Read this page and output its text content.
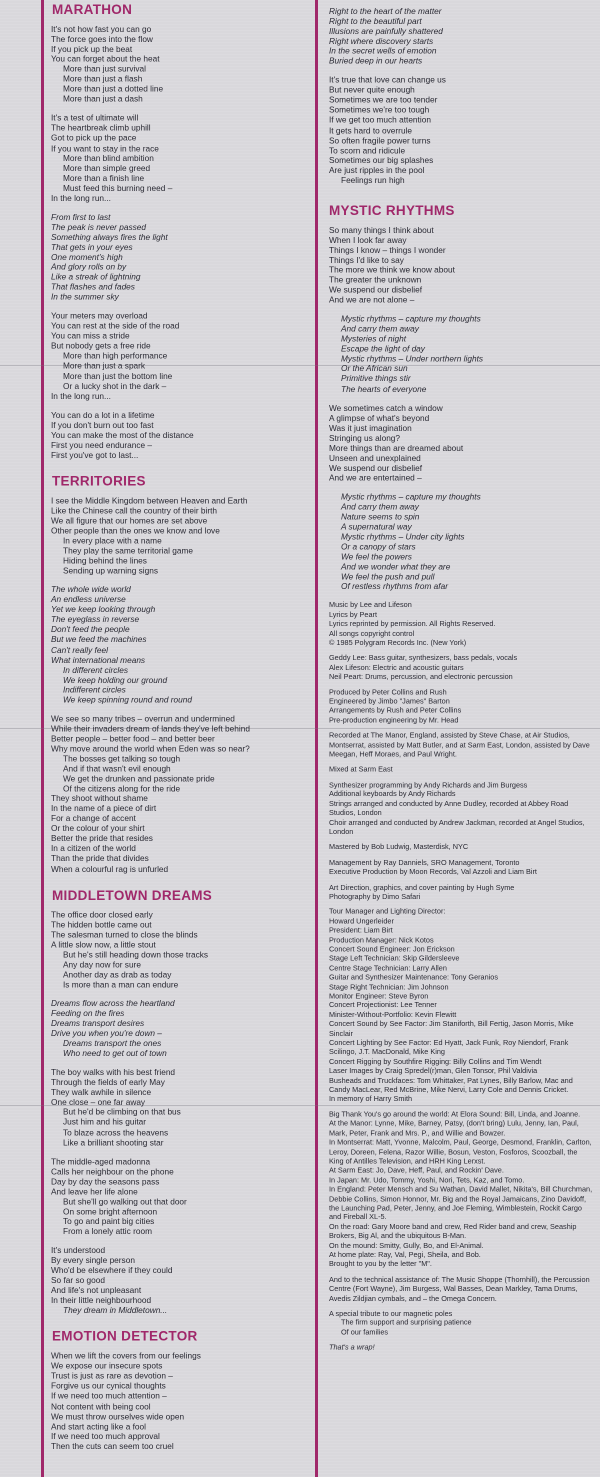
MARATHON
It's not how fast you can go
The force goes into the flow
If you pick up the beat
You can forget about the heat
More than just survival
More than just a flash
More than just a dotted line
More than just a dash
It's a test of ultimate will
The heartbreak climb uphill
Got to pick up the pace
If you want to stay in the race
More than blind ambition
More than simple greed
More than a finish line
Must feed this burning need –
In the long run...
From first to last
The peak is never passed
Something always fires the light
That gets in your eyes
One moment's high
And glory rolls on by
Like a streak of lightning
That flashes and fades
In the summer sky
Your meters may overload
You can rest at the side of the road
You can miss a stride
But nobody gets a free ride
More than high performance
More than just a spark
More than just the bottom line
Or a lucky shot in the dark –
In the long run...
You can do a lot in a lifetime
If you don't burn out too fast
You can make the most of the distance
First you need endurance –
First you've got to last...
TERRITORIES
I see the Middle Kingdom between Heaven and Earth
Like the Chinese call the country of their birth
We all figure that our homes are set above
Other people than the ones we know and love
In every place with a name
They play the same territorial game
Hiding behind the lines
Sending up warning signs
The whole wide world
An endless universe
Yet we keep looking through
The eyeglass in reverse
Don't feed the people
But we feed the machines
Can't really feel
What international means
In different circles
We keep holding our ground
Indifferent circles
We keep spinning round and round
We see so many tribes – overrun and undermined
While their invaders dream of lands they've left behind
Better people – better food – and better beer
Why move around the world when Eden was so near?
The bosses get talking so tough
And if that wasn't evil enough
We get the drunken and passionate pride
Of the citizens along for the ride
They shoot without shame
In the name of a piece of dirt
For a change of accent
Or the colour of your shirt
Better the pride that resides
In a citizen of the world
Than the pride that divides
When a colourful rag is unfurled
MIDDLETOWN DREAMS
The office door closed early
The hidden bottle came out
The salesman turned to close the blinds
A little slow now, a little stout
But he's still heading down those tracks
Any day now for sure
Another day as drab as today
Is more than a man can endure
Dreams flow across the heartland
Feeding on the fires
Dreams transport desires
Drive you when you're down –
Dreams transport the ones
Who need to get out of town
The boy walks with his best friend
Through the fields of early May
They walk awhile in silence
One close – one far away
But he'd be climbing on that bus
Just him and his guitar
To blaze across the heavens
Like a brilliant shooting star
The middle-aged madonna
Calls her neighbour on the phone
Day by day the seasons pass
And leave her life alone
But she'll go walking out that door
On some bright afternoon
To go and paint big cities
From a lonely attic room
It's understood
By every single person
Who'd be elsewhere if they could
So far so good
And life's not unpleasant
In their little neighbourhood
They dream in Middletown...
EMOTION DETECTOR
When we lift the covers from our feelings
We expose our insecure spots
Trust is just as rare as devotion –
Forgive us our cynical thoughts
If we need too much attention –
Not content with being cool
We must throw ourselves wide open
And start acting like a fool
If we need too much approval
Then the cuts can seem too cruel
Right to the heart of the matter
Right to the beautiful part
Illusions are painfully shattered
Right where discovery starts
In the secret wells of emotion
Buried deep in our hearts
It's true that love can change us
But never quite enough
Sometimes we are too tender
Sometimes we're too tough
If we get too much attention
It gets hard to overrule
So often fragile power turns
To scorn and ridicule
Sometimes our big splashes
Are just ripples in the pool
Feelings run high
MYSTIC RHYTHMS
So many things I think about
When I look far away
Things I know – things I wonder
Things I'd like to say
The more we think we know about
The greater the unknown
We suspend our disbelief
And we are not alone –
Mystic rhythms – capture my thoughts
And carry them away
Mysteries of night
Escape the light of day
Mystic rhythms – Under northern lights
Or the African sun
Primitive things stir
The hearts of everyone
We sometimes catch a window
A glimpse of what's beyond
Was it just imagination
Stringing us along?
More things than are dreamed about
Unseen and unexplained
We suspend our disbelief
And we are entertained –
Mystic rhythms – capture my thoughts
And carry them away
Nature seems to spin
A supernatural way
Mystic rhythms – Under city lights
Or a canopy of stars
We feel the powers
And we wonder what they are
We feel the push and pull
Of restless rhythms from afar
Music by Lee and Lifeson
Lyrics by Peart
Lyrics reprinted by permission. All Rights Reserved.
All songs copyright control
© 1985 Polygram Records Inc. (New York)
Geddy Lee: Bass guitar, synthesizers, bass pedals, vocals
Alex Lifeson: Electric and acoustic guitars
Neil Peart: Drums, percussion, and electronic percussion
Produced by Peter Collins and Rush
Engineered by Jimbo "James" Barton
Arrangements by Rush and Peter Collins
Pre-production engineering by Mr. Head
Recorded at The Manor, England, assisted by Steve Chase, at Air Studios, Montserrat, assisted by Matt Butler, and at Sarm East, London, assisted by Dave Meegan, Heff Moraes, and Paul Wright.
Mixed at Sarm East
Synthesizer programming by Andy Richards and Jim Burgess
Additional keyboards by Andy Richards
Strings arranged and conducted by Anne Dudley, recorded at Abbey Road Studios, London
Choir arranged and conducted by Andrew Jackman, recorded at Angel Studios, London
Mastered by Bob Ludwig, Masterdisk, NYC
Management by Ray Danniels, SRO Management, Toronto
Executive Production by Moon Records, Val Azzoli and Liam Birt
Art Direction, graphics, and cover painting by Hugh Syme
Photography by Dimo Safari
Tour Manager and Lighting Director:
Howard Ungerleider
President: Liam Birt
Production Manager: Nick Kotos
Concert Sound Engineer: Jon Erickson
Stage Left Technician: Skip Gildersleeve
Centre Stage Technician: Larry Allen
Guitar and Synthesizer Maintenance: Tony Geranios
Stage Right Technician: Jim Johnson
Monitor Engineer: Steve Byron
Concert Projectionist: Lee Tenner
Minister-Without-Portfolio: Kevin Flewitt
Concert Sound by See Factor: Jim Staniforth, Bill Fertig, Jason Morris, Mike Sinclair
Concert Lighting by See Factor: Ed Hyatt, Jack Funk, Roy Niendorf, Frank Scilingo, J.T. MacDonald, Mike King
Concert Rigging by Southfire Rigging: Billy Collins and Tim Wendt
Laser Images by Craig Spredel(r)man, Glen Tonsor, Phil Valdivia
Busheads and Truckfaces: Tom Whittaker, Pat Lynes, Billy Barlow, Mac and Candy MacLear, Red McBrine, Mike Nervi, Larry Cole and Dennis Cricket.
In memory of Harry Smith
Big Thank You's go around the world: At Elora Sound: Bill, Linda, and Joanne.
At the Manor: Lynne, Mike, Barney, Patsy, (don't bring) Lulu, Jenny, Ian, Paul, Mark, Peter, Frank and Mrs. P., and Willie and Bowzer.
In Montserrat: Matt, Yvonne, Malcolm, Paul, George, Desmond, Franklin, Carlton, Leroy, Doreen, Felena, Razor Willie, Bosun, Veston, Fosforos, Scoozball, the King of Antilles Television, and HRH King Lerxst.
At Sarm East: Jo, Dave, Heff, Paul, and Rockin' Dave.
In Japan: Mr. Udo, Tommy, Yoshi, Nori, Tets, Kaz, and Tomo.
In England: Peter Mensch and Su Wathan, David Mallet, Nikita's, Bill Churchman, Debbie Collins, Simon Honnor, Mr. Big and the Royal Jamaicans, Zino Davidoff, the Launching Pad, Peter, Jenny, and Joe Fleming, Wimblestein, Rockit Cargo and Fireball XL-5.
On the road: Gary Moore band and crew, Red Rider band and crew, Seaship Brokers, Big Al, and the ubiquitous B-Man.
On the mound: Smitty, Gully, Bo, and El-Animal.
At home plate: Ray, Val, Pegi, Sheila, and Bob.
Brought to you by the letter "M".
And to the technical assistance of: The Music Shoppe (Thornhill), the Percussion Centre (Fort Wayne), Jim Burgess, Wal Basses, Dean Markley, Tama Drums, Avedis Zildjian cymbals, and – the Omega Concern.
A special tribute to our magnetic poles
The firm support and surprising patience
Of our families
That's a wrap!
